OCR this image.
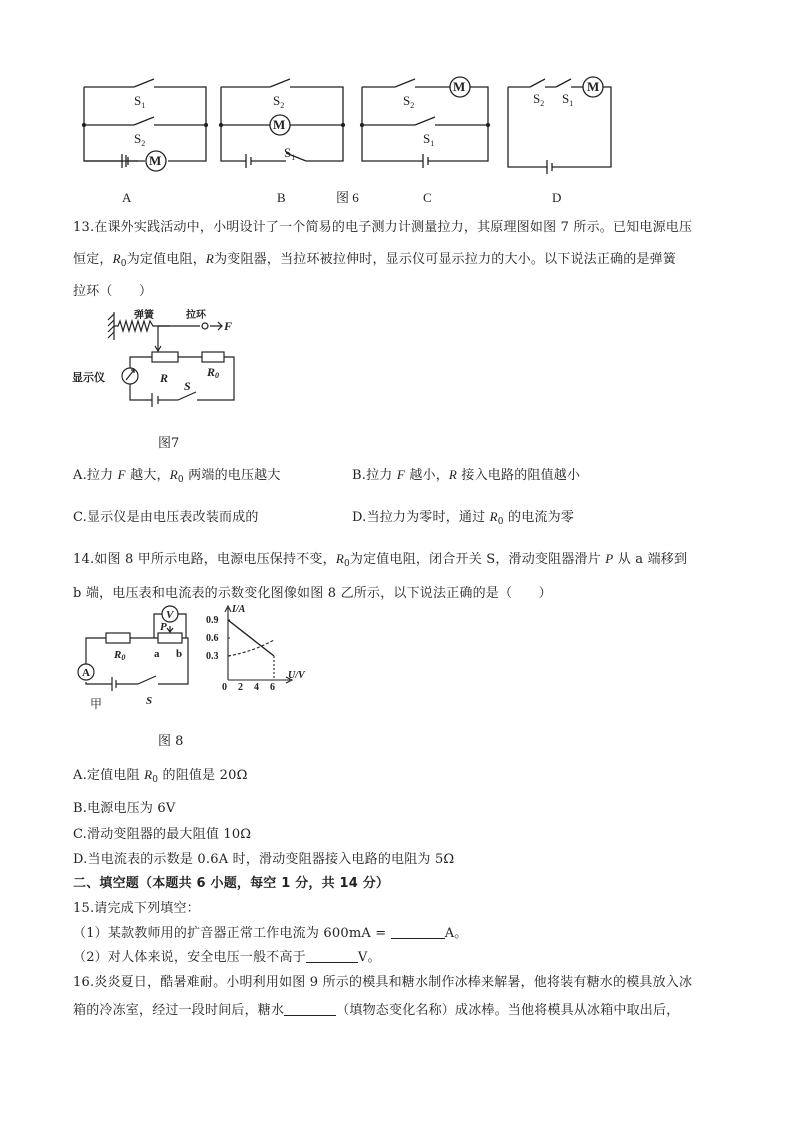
M
M
M	M
$S_1$
$S_2$
$S_2$
$S_1$
$S_2$
$S_1$
$S_2$ $S_1$
A	B	图 6	C	D
13.在课外实践活动中，小明设计了一个简易的电子测力计测量拉力，其原理图如图 7 所示。已知电源电压
恒定，$R_0$为定值电阻，R为变阻器，当拉环被拉伸时，显示仪可显示拉力的大小。以下说法正确的是弹簧
拉环（　　）
弹簧	拉环
显示仪
F
R	R0
S
图7
A.拉力 F 越大，$R_0$ 两端的电压越大	B.拉力 F 越小，R 接入电路的阻值越小
C.显示仪是由电压表改装而成的	D.当拉力为零时，通过 $R_0$ 的电流为零
14.如图 8 甲所示电路，电源电压保持不变，$R_0$为定值电阻，闭合开关 S，滑动变阻器滑片 P 从 a 端移到
b 端，电压表和电流表的示数变化图像如图 8 乙所示，以下说法正确的是（　　）
V
A
P
R0	a b
S
甲
I/A
U/V
0.9
0.6
0.3
0 2 4 6
图 8
A.定值电阻 $R_0$ 的阻值是 20Ω
B.电源电压为 6V
C.滑动变阻器的最大阻值 10Ω
D.当电流表的示数是 0.6A 时，滑动变阻器接入电路的电阻为 5Ω
二、填空题（本题共 6 小题，每空 1 分，共 14 分）
15.请完成下列填空：
（1）某款教师用的扩音器正常工作电流为 600mA =	A。
（2）对人体来说，安全电压一般不高于	V。
16.炎炎夏日，酷暑难耐。小明利用如图 9 所示的模具和糖水制作冰棒来解暑，他将装有糖水的模具放入冰
箱的冷冻室，经过一段时间后，糖水	（填物态变化名称）成冰棒。当他将模具从冰箱中取出后，
